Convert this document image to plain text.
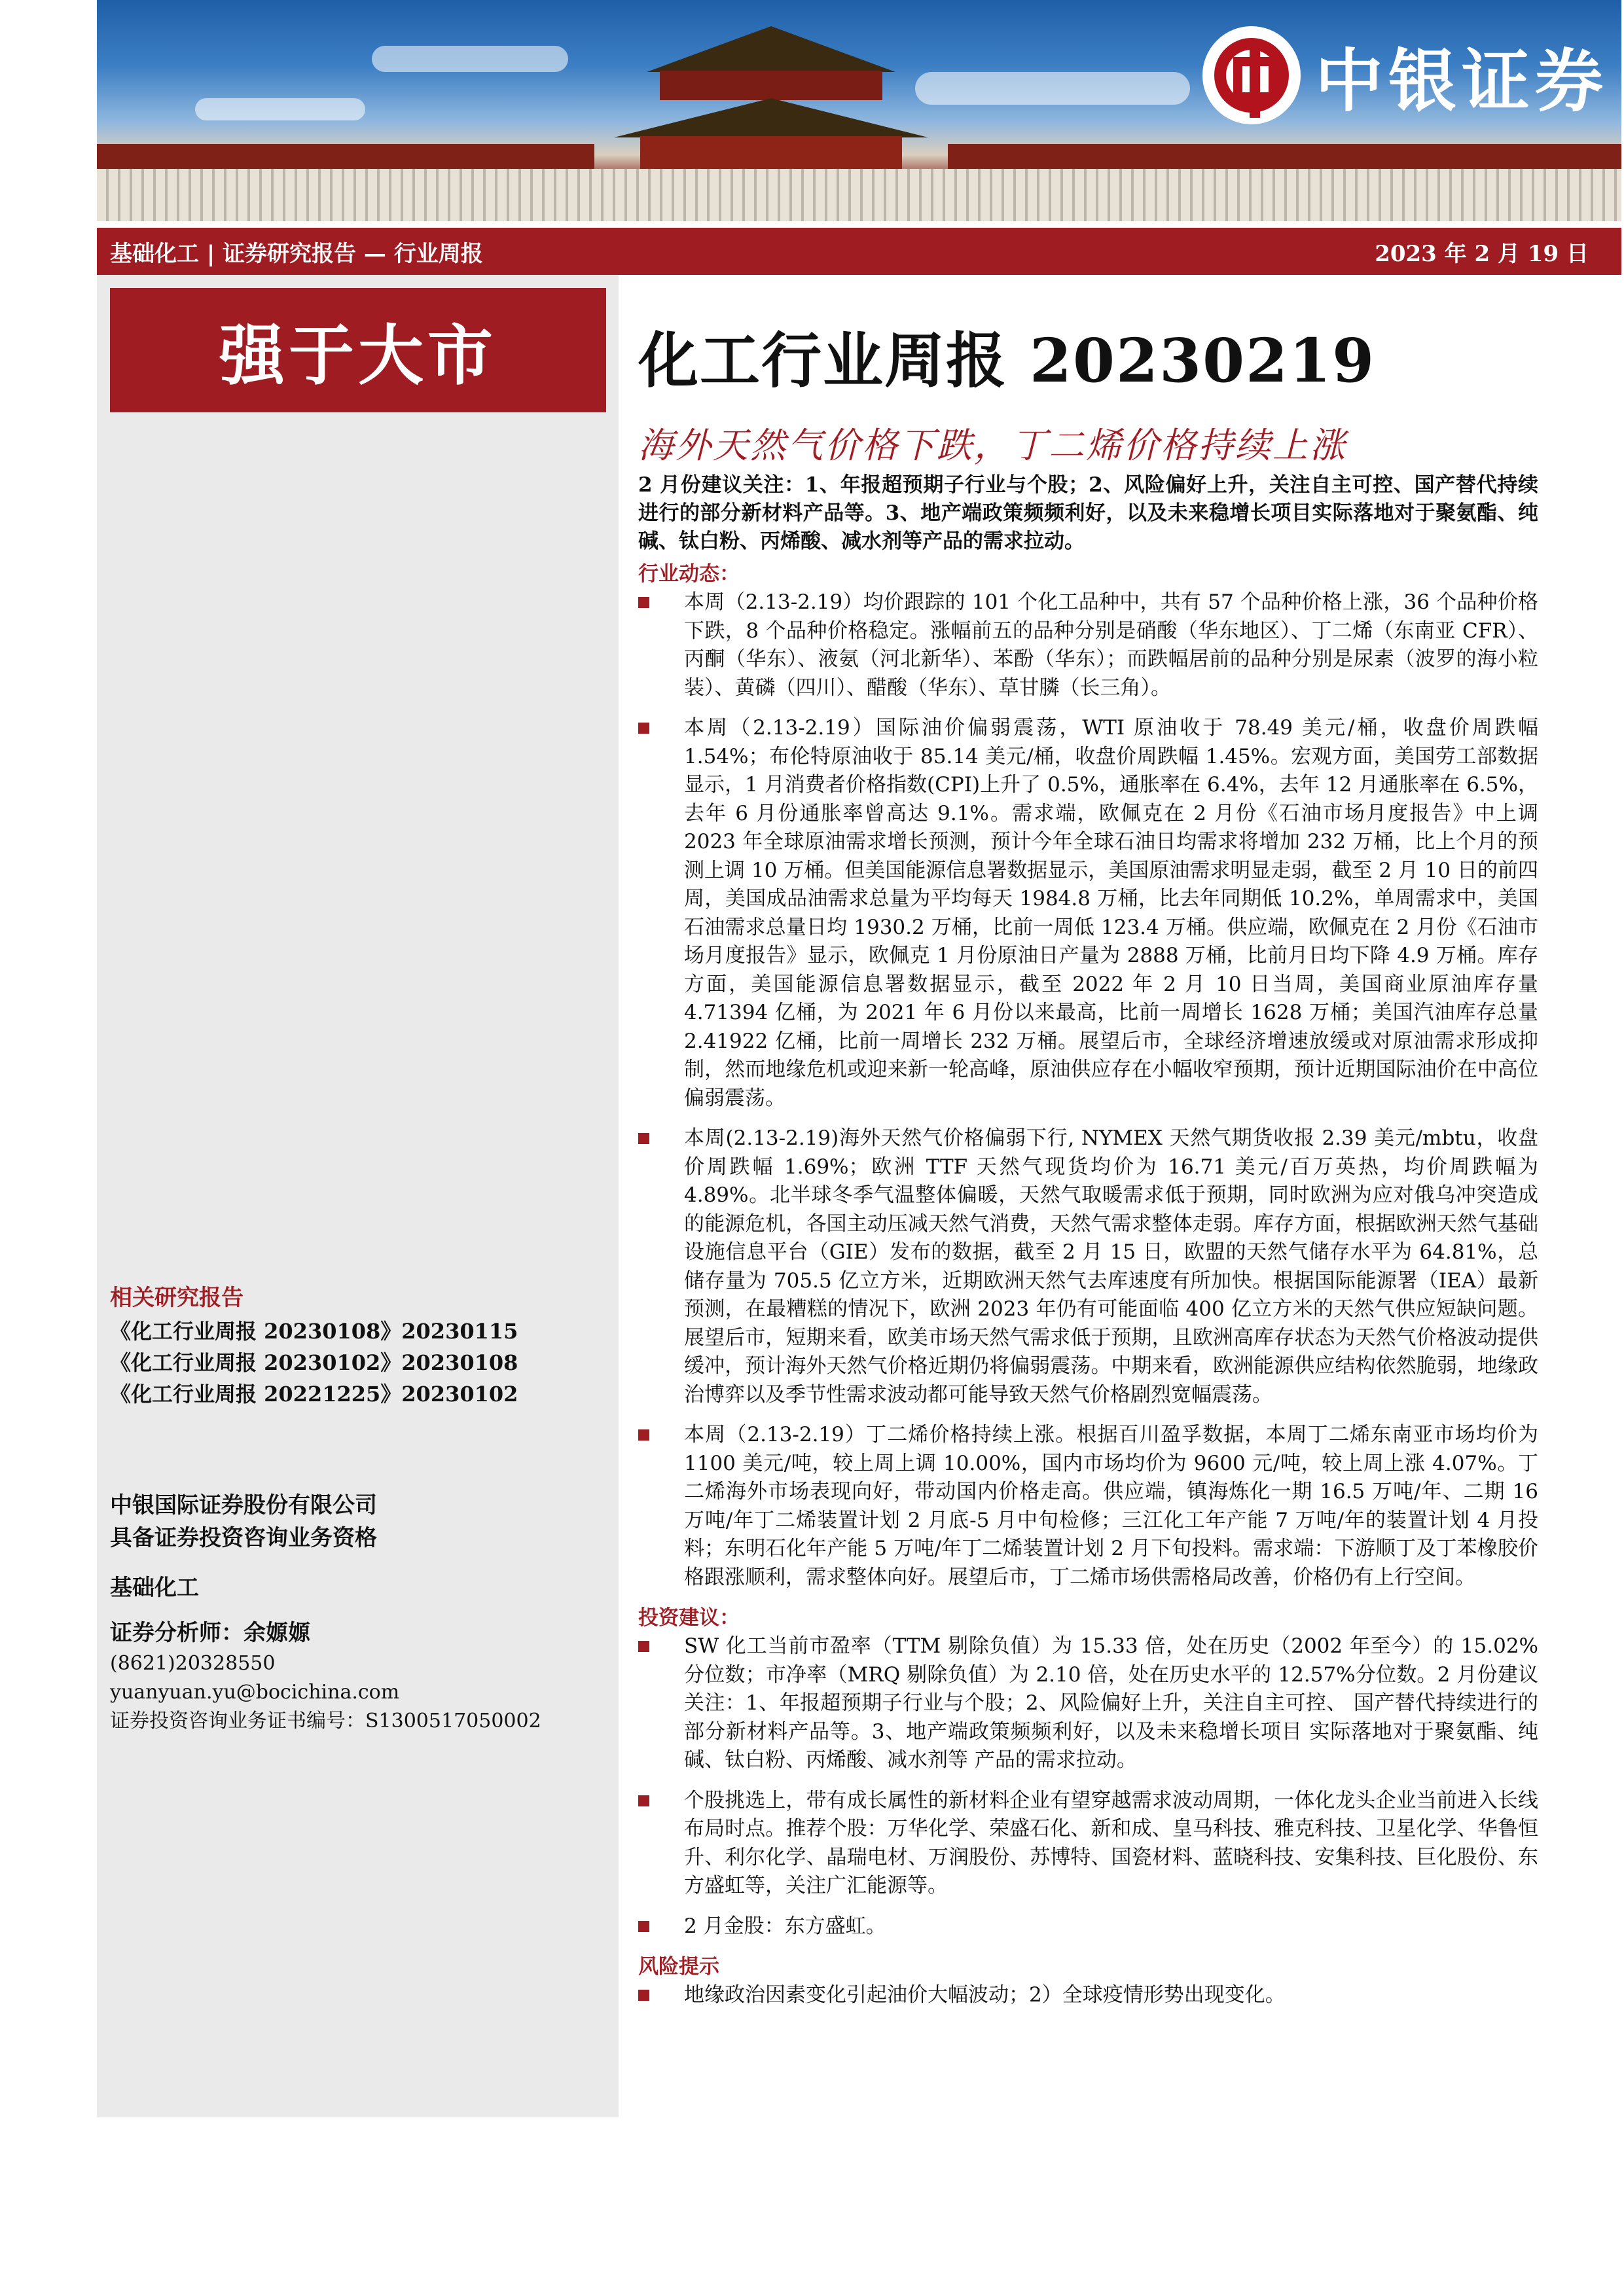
中银证券
基础化工 | 证券研究报告 — 行业周报	2023 年 2 月 19 日
强于大市
相关研究报告
《化工行业周报 20230108》20230115
《化工行业周报 20230102》20230108
《化工行业周报 20221225》20230102
中银国际证券股份有限公司
具备证券投资咨询业务资格
基础化工
证券分析师：余嫄嫄
(8621)20328550
yuanyuan.yu@bocichina.com
证券投资咨询业务证书编号：S1300517050002
化工行业周报 20230219
海外天然气价格下跌，丁二烯价格持续上涨

2 月份建议关注：1、年报超预期子行业与个股；2、风险偏好上升，关注自主可控、国产替代持续进行的部分新材料产品等。3、地产端政策频频利好，以及未来稳增长项目实际落地对于聚氨酯、纯碱、钛白粉、丙烯酸、减水剂等产品的需求拉动。

行业动态：

本周（2.13-2.19）均价跟踪的 101 个化工品种中，共有 57 个品种价格上涨，36 个品种价格下跌，8 个品种价格稳定。涨幅前五的品种分别是硝酸（华东地区）、丁二烯（东南亚 CFR）、丙酮（华东）、液氨（河北新华）、苯酚（华东）；而跌幅居前的品种分别是尿素（波罗的海小粒装）、黄磷（四川）、醋酸（华东）、草甘膦（长三角）。
本周（2.13-2.19）国际油价偏弱震荡，WTI 原油收于 78.49 美元/桶，收盘价周跌幅 1.54%；布伦特原油收于 85.14 美元/桶，收盘价周跌幅 1.45%。宏观方面，美国劳工部数据显示，1 月消费者价格指数(CPI)上升了 0.5%，通胀率在 6.4%，去年 12 月通胀率在 6.5%，去年 6 月份通胀率曾高达 9.1%。需求端，欧佩克在 2 月份《石油市场月度报告》中上调 2023 年全球原油需求增长预测，预计今年全球石油日均需求将增加 232 万桶，比上个月的预测上调 10 万桶。但美国能源信息署数据显示，美国原油需求明显走弱，截至 2 月 10 日的前四周，美国成品油需求总量为平均每天 1984.8 万桶，比去年同期低 10.2%，单周需求中，美国石油需求总量日均 1930.2 万桶，比前一周低 123.4 万桶。供应端，欧佩克在 2 月份《石油市场月度报告》显示，欧佩克 1 月份原油日产量为 2888 万桶，比前月日均下降 4.9 万桶。库存方面，美国能源信息署数据显示，截至 2022 年 2 月 10 日当周，美国商业原油库存量 4.71394 亿桶，为 2021 年 6 月份以来最高，比前一周增长 1628 万桶；美国汽油库存总量 2.41922 亿桶，比前一周增长 232 万桶。展望后市，全球经济增速放缓或对原油需求形成抑制，然而地缘危机或迎来新一轮高峰，原油供应存在小幅收窄预期，预计近期国际油价在中高位偏弱震荡。
本周(2.13-2.19)海外天然气价格偏弱下行, NYMEX 天然气期货收报 2.39 美元/mbtu，收盘价周跌幅 1.69%；欧洲 TTF 天然气现货均价为 16.71 美元/百万英热，均价周跌幅为 4.89%。北半球冬季气温整体偏暖，天然气取暖需求低于预期，同时欧洲为应对俄乌冲突造成的能源危机，各国主动压减天然气消费，天然气需求整体走弱。库存方面，根据欧洲天然气基础设施信息平台（GIE）发布的数据，截至 2 月 15 日，欧盟的天然气储存水平为 64.81%，总储存量为 705.5 亿立方米，近期欧洲天然气去库速度有所加快。根据国际能源署（IEA）最新预测，在最糟糕的情况下，欧洲 2023 年仍有可能面临 400 亿立方米的天然气供应短缺问题。展望后市，短期来看，欧美市场天然气需求低于预期，且欧洲高库存状态为天然气价格波动提供缓冲，预计海外天然气价格近期仍将偏弱震荡。中期来看，欧洲能源供应结构依然脆弱，地缘政治博弈以及季节性需求波动都可能导致天然气价格剧烈宽幅震荡。
本周（2.13-2.19）丁二烯价格持续上涨。根据百川盈孚数据，本周丁二烯东南亚市场均价为 1100 美元/吨，较上周上调 10.00%，国内市场均价为 9600 元/吨，较上周上涨 4.07%。丁二烯海外市场表现向好，带动国内价格走高。供应端，镇海炼化一期 16.5 万吨/年、二期 16 万吨/年丁二烯装置计划 2 月底-5 月中旬检修；三江化工年产能 7 万吨/年的装置计划 4 月投料；东明石化年产能 5 万吨/年丁二烯装置计划 2 月下旬投料。需求端：下游顺丁及丁苯橡胶价格跟涨顺利，需求整体向好。展望后市，丁二烯市场供需格局改善，价格仍有上行空间。

投资建议：

SW 化工当前市盈率（TTM 剔除负值）为 15.33 倍，处在历史（2002 年至今）的 15.02%分位数；市净率（MRQ 剔除负值）为 2.10 倍，处在历史水平的 12.57%分位数。2 月份建议关注：1、年报超预期子行业与个股；2、风险偏好上升，关注自主可控、 国产替代持续进行的部分新材料产品等。3、地产端政策频频利好，以及未来稳增长项目 实际落地对于聚氨酯、纯碱、钛白粉、丙烯酸、减水剂等 产品的需求拉动。
个股挑选上，带有成长属性的新材料企业有望穿越需求波动周期，一体化龙头企业当前进入长线布局时点。推荐个股：万华化学、荣盛石化、新和成、皇马科技、雅克科技、卫星化学、华鲁恒升、利尔化学、晶瑞电材、万润股份、苏博特、国瓷材料、蓝晓科技、安集科技、巨化股份、东方盛虹等，关注广汇能源等。
2 月金股：东方盛虹。

风险提示

地缘政治因素变化引起油价大幅波动；2）全球疫情形势出现变化。
